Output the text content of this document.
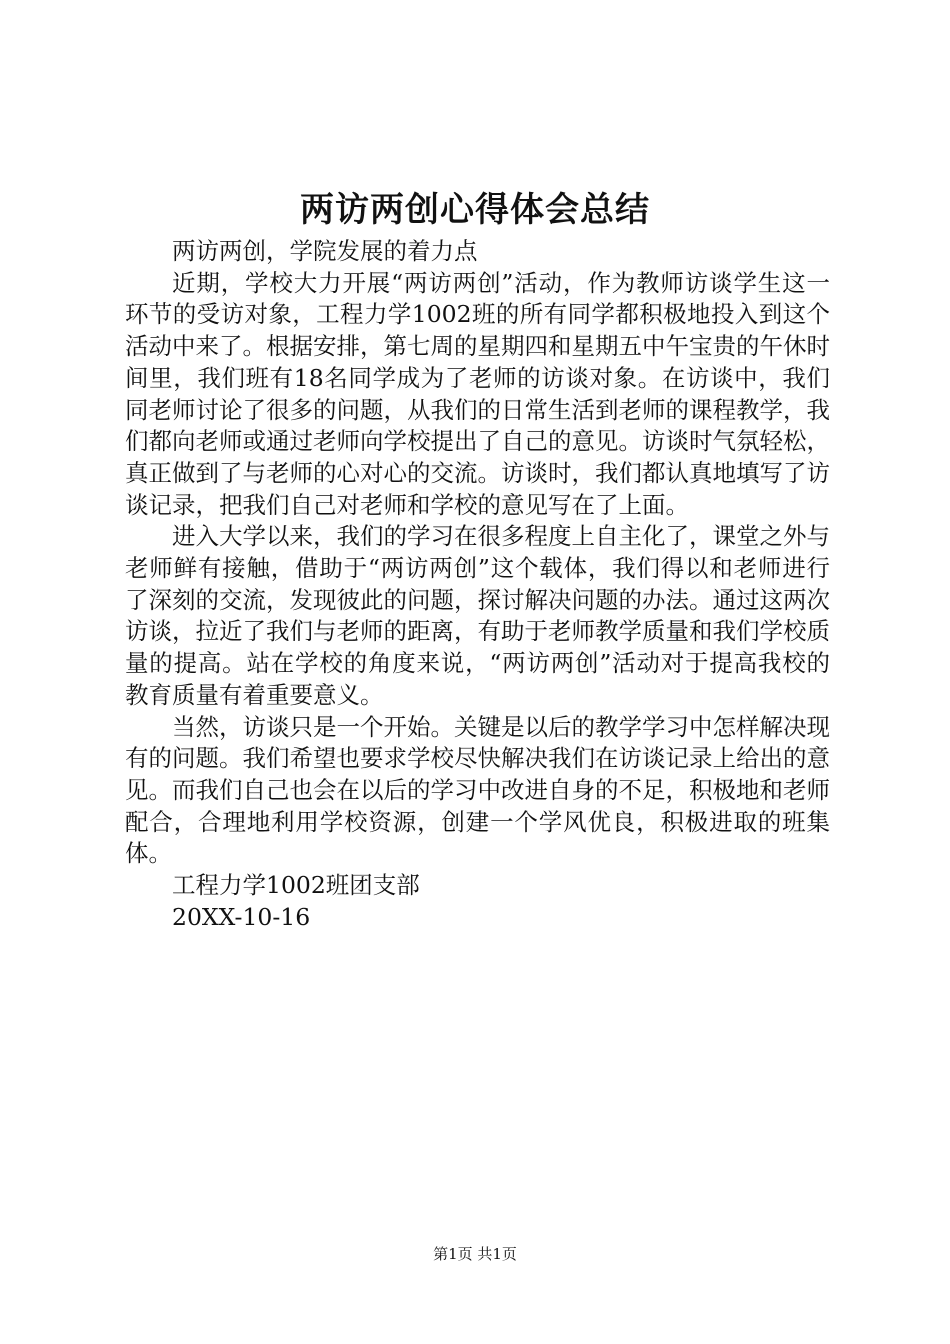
两访两创心得体会总结

两访两创，学院发展的着力点

近期，学校大力开展“两访两创”活动，作为教师访谈学生这一环节的受访对象，工程力学1002班的所有同学都积极地投入到这个活动中来了。根据安排，第七周的星期四和星期五中午宝贵的午休时间里，我们班有18名同学成为了老师的访谈对象。在访谈中，我们同老师讨论了很多的问题，从我们的日常生活到老师的课程教学，我们都向老师或通过老师向学校提出了自己的意见。访谈时气氛轻松，真正做到了与老师的心对心的交流。访谈时，我们都认真地填写了访谈记录，把我们自己对老师和学校的意见写在了上面。

进入大学以来，我们的学习在很多程度上自主化了，课堂之外与老师鲜有接触，借助于“两访两创”这个载体，我们得以和老师进行了深刻的交流，发现彼此的问题，探讨解决问题的办法。通过这两次访谈，拉近了我们与老师的距离，有助于老师教学质量和我们学校质量的提高。站在学校的角度来说，“两访两创”活动对于提高我校的教育质量有着重要意义。

当然，访谈只是一个开始。关键是以后的教学学习中怎样解决现有的问题。我们希望也要求学校尽快解决我们在访谈记录上给出的意见。而我们自己也会在以后的学习中改进自身的不足，积极地和老师配合，合理地利用学校资源，创建一个学风优良，积极进取的班集体。

工程力学1002班团支部

20XX-10-16

第1页 共1页
